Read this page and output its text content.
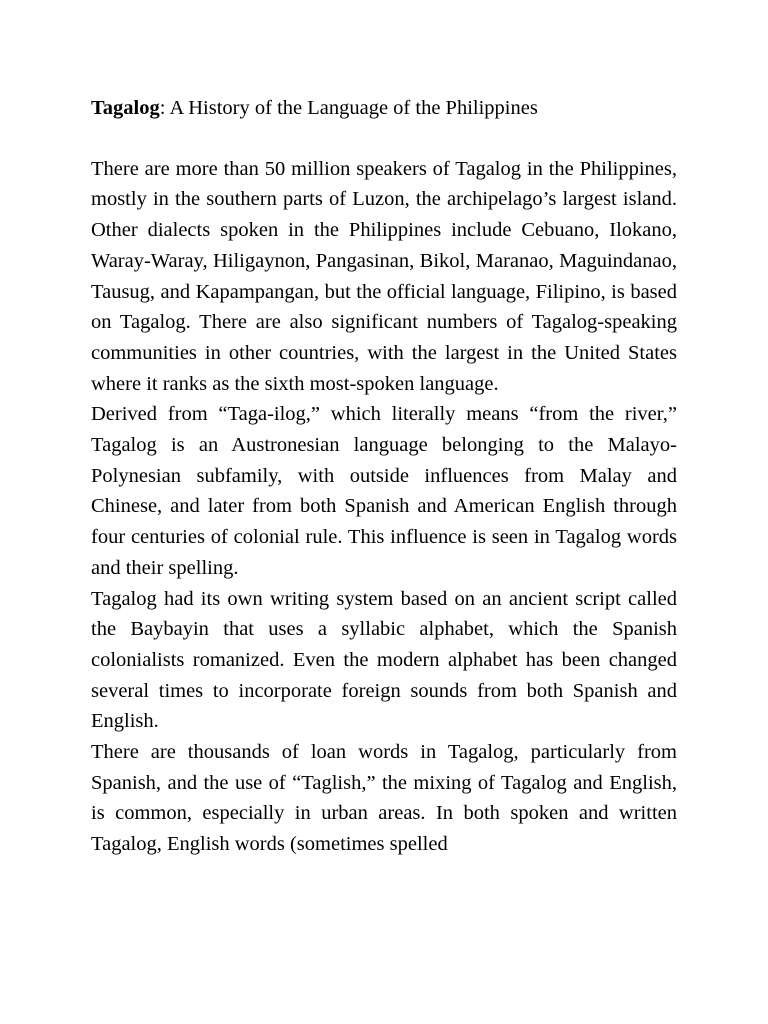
Tagalog: A History of the Language of the Philippines

There are more than 50 million speakers of Tagalog in the Philippines, mostly in the southern parts of Luzon, the archipelago’s largest island. Other dialects spoken in the Philippines include Cebuano, Ilokano, Waray-Waray, Hiligaynon, Pangasinan, Bikol, Maranao, Maguindanao, Tausug, and Kapampangan, but the official language, Filipino, is based on Tagalog. There are also significant numbers of Tagalog-speaking communities in other countries, with the largest in the United States where it ranks as the sixth most-spoken language.

Derived from “Taga-ilog,” which literally means “from the river,” Tagalog is an Austronesian language belonging to the Malayo-Polynesian subfamily, with outside influences from Malay and Chinese, and later from both Spanish and American English through four centuries of colonial rule. This influence is seen in Tagalog words and their spelling.

Tagalog had its own writing system based on an ancient script called the Baybayin that uses a syllabic alphabet, which the Spanish colonialists romanized. Even the modern alphabet has been changed several times to incorporate foreign sounds from both Spanish and English.

There are thousands of loan words in Tagalog, particularly from Spanish, and the use of “Taglish,” the mixing of Tagalog and English, is common, especially in urban areas. In both spoken and written Tagalog, English words (sometimes spelled
